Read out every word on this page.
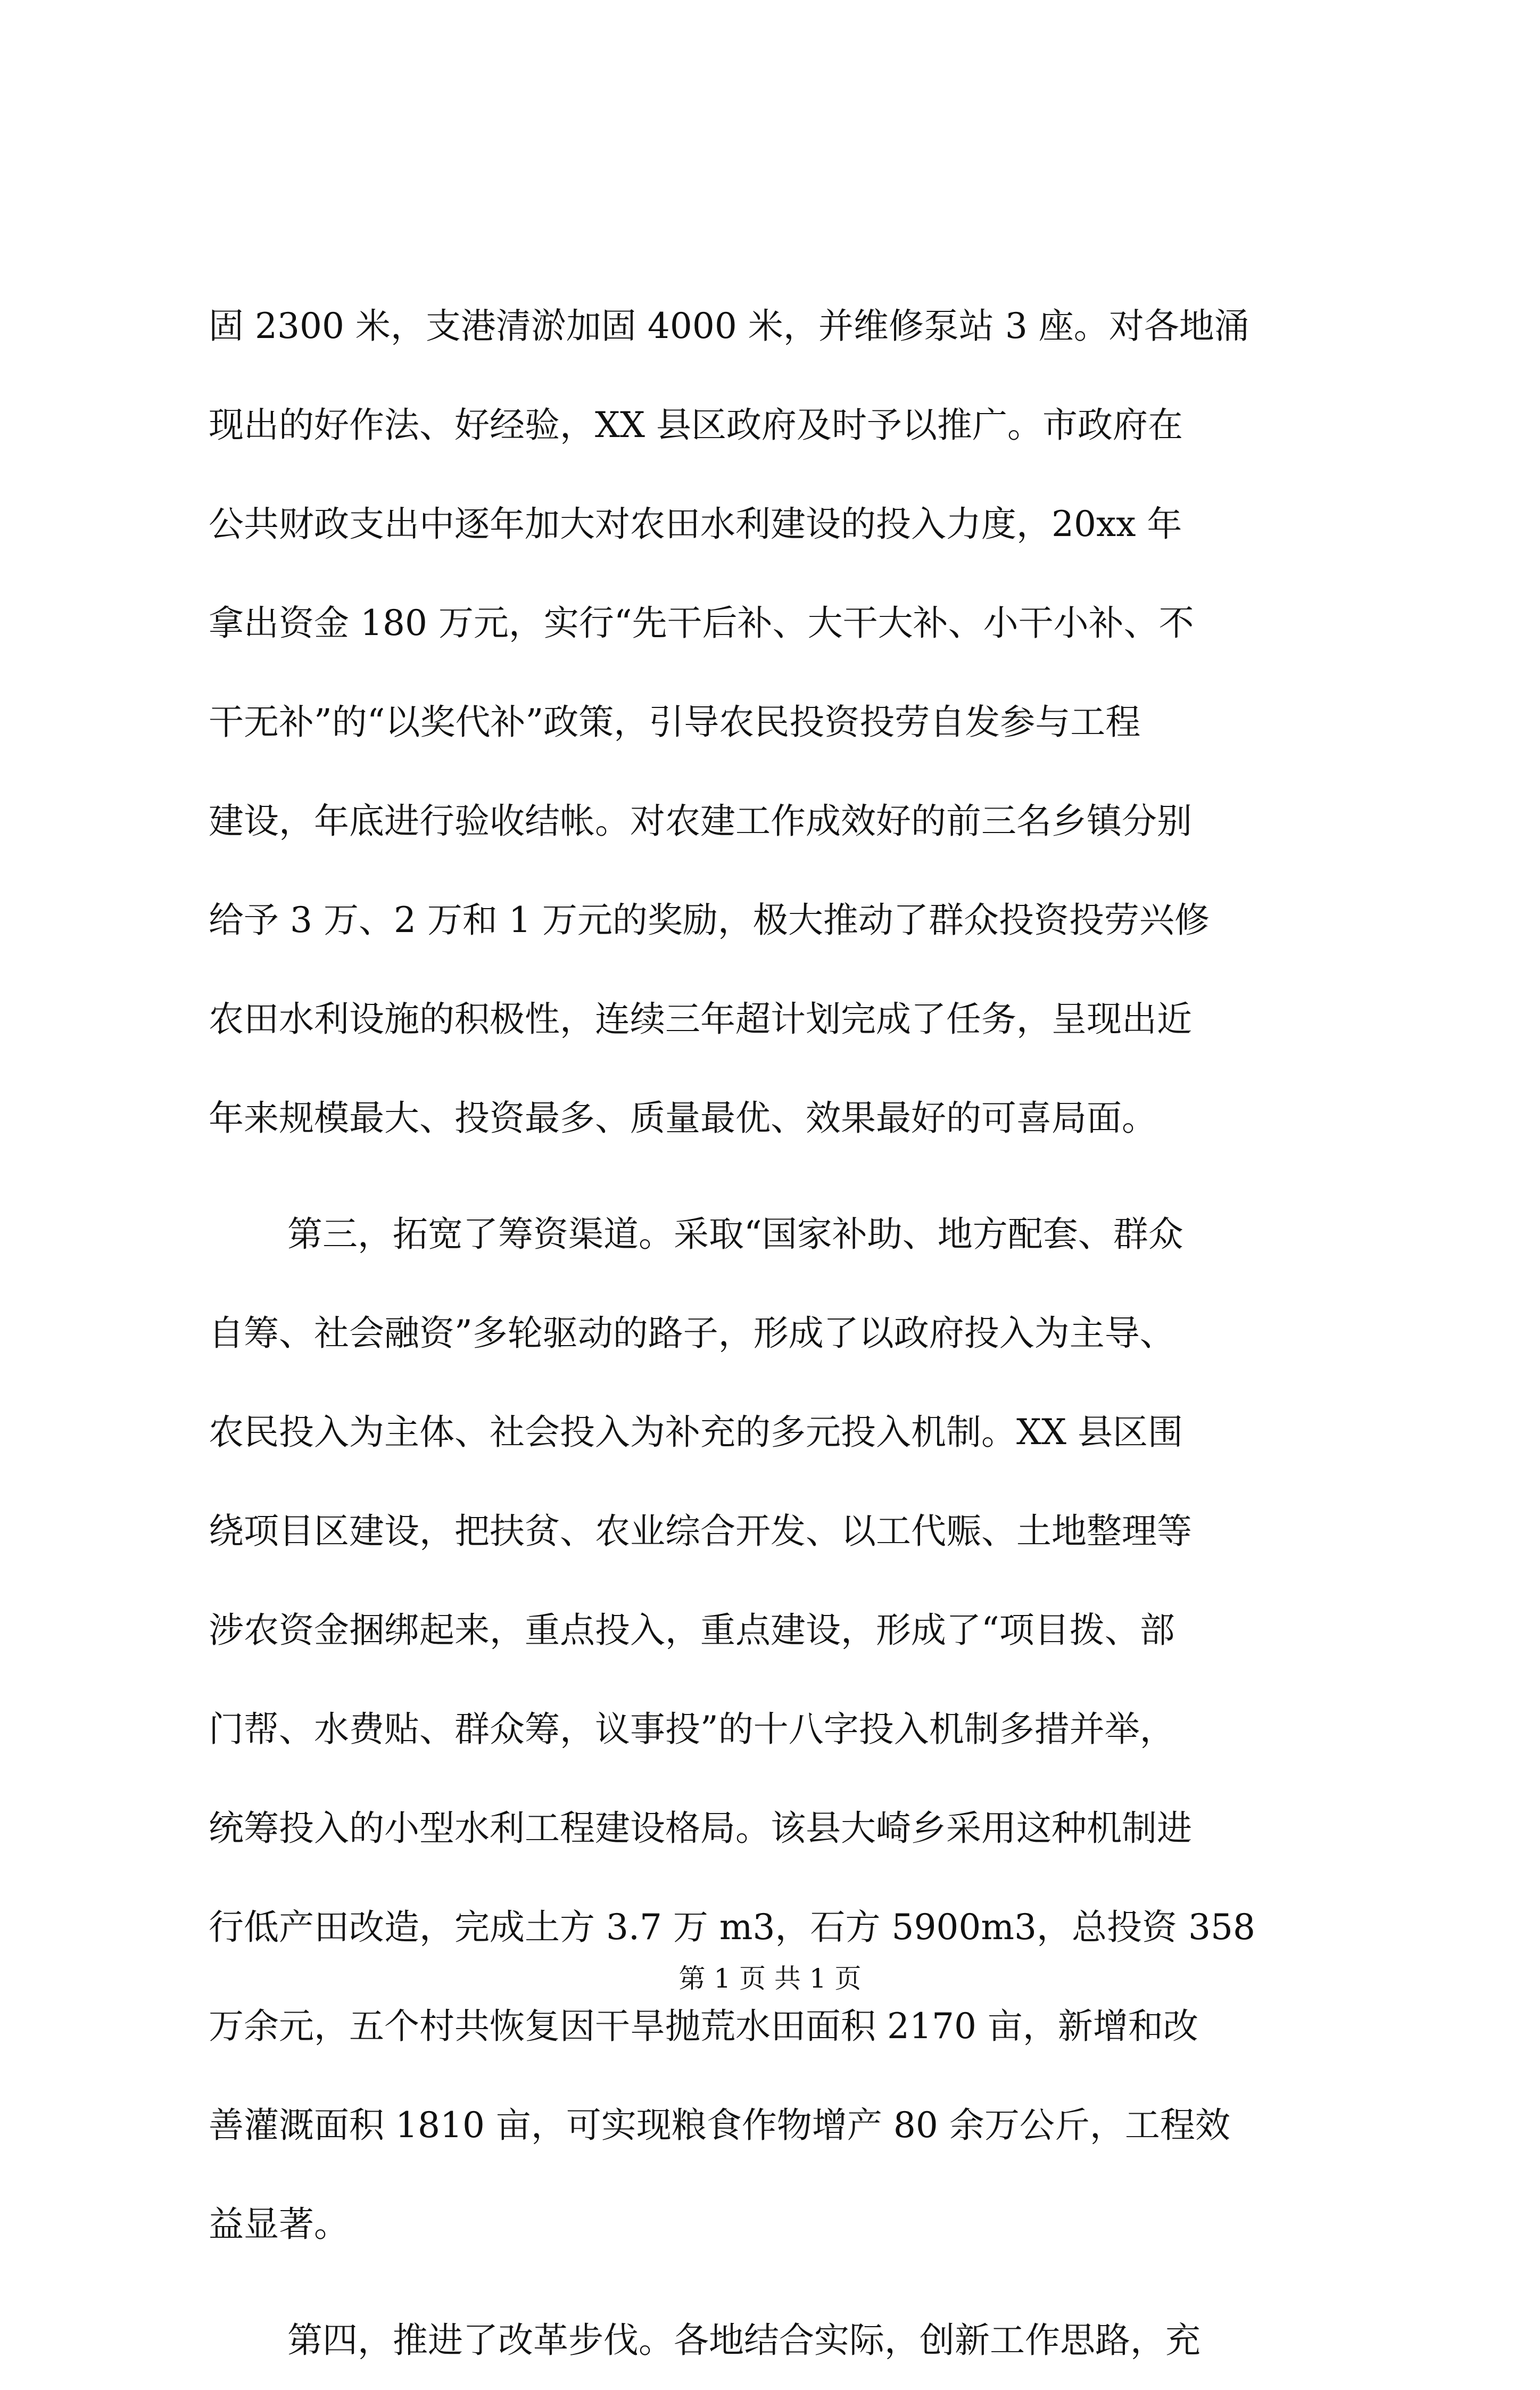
固 2300 米，支港清淤加固 4000 米，并维修泵站 3 座。对各地涌
现出的好作法、好经验，XX 县区政府及时予以推广。市政府在
公共财政支出中逐年加大对农田水利建设的投入力度，20xx 年
拿出资金 180 万元，实行“先干后补、大干大补、小干小补、不
干无补”的“以奖代补”政策，引导农民投资投劳自发参与工程
建设，年底进行验收结帐。对农建工作成效好的前三名乡镇分别
给予 3 万、2 万和 1 万元的奖励，极大推动了群众投资投劳兴修
农田水利设施的积极性，连续三年超计划完成了任务，呈现出近
年来规模最大、投资最多、质量最优、效果最好的可喜局面。
第三，拓宽了筹资渠道。采取“国家补助、地方配套、群众
自筹、社会融资”多轮驱动的路子，形成了以政府投入为主导、
农民投入为主体、社会投入为补充的多元投入机制。XX 县区围
绕项目区建设，把扶贫、农业综合开发、以工代赈、土地整理等
涉农资金捆绑起来，重点投入，重点建设，形成了“项目拨、部
门帮、水费贴、群众筹，议事投”的十八字投入机制多措并举，
统筹投入的小型水利工程建设格局。该县大崎乡采用这种机制进
行低产田改造，完成土方 3.7 万 m3，石方 5900m3，总投资 358
万余元，五个村共恢复因干旱抛荒水田面积 2170 亩，新增和改
善灌溉面积 1810 亩，可实现粮食作物增产 80 余万公斤，工程效
益显著。
第四，推进了改革步伐。各地结合实际，创新工作思路，充
第 1 页 共 1 页
